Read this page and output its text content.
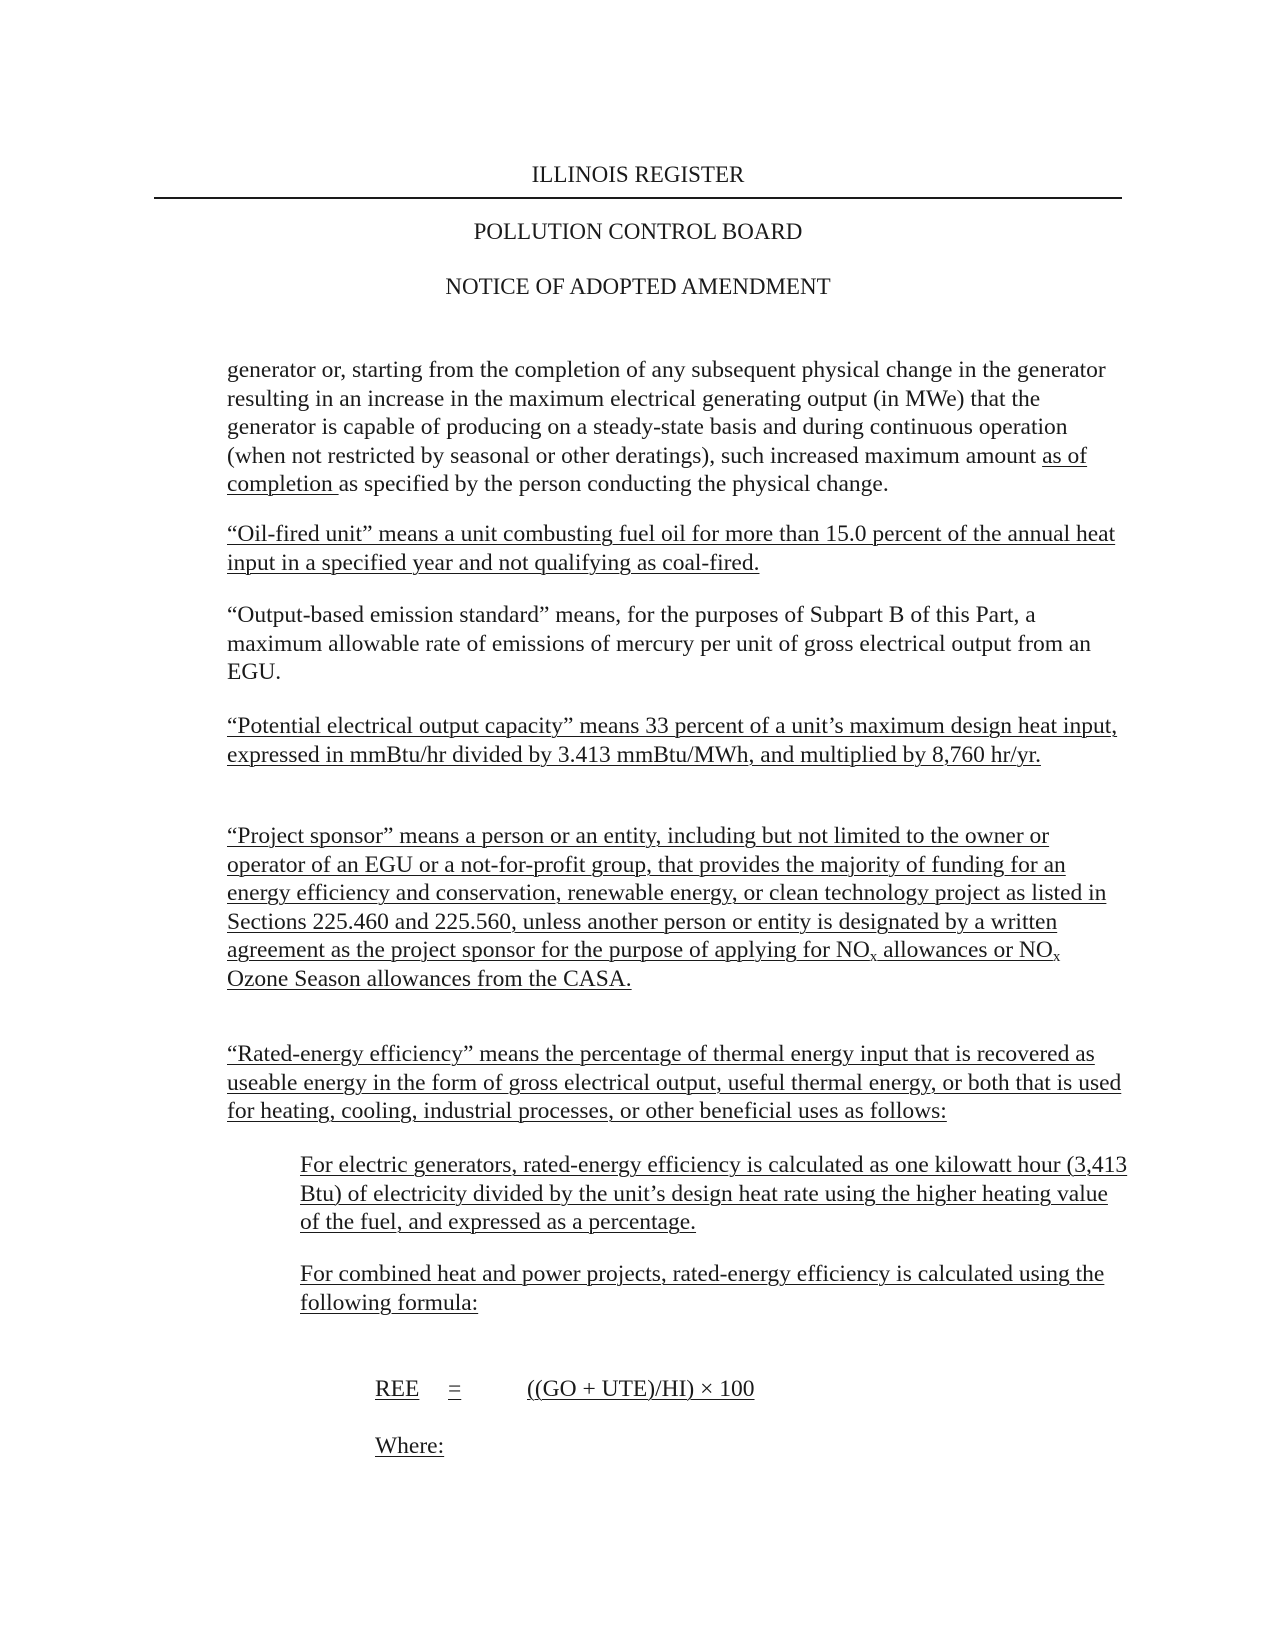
ILLINOIS REGISTER
POLLUTION CONTROL BOARD
NOTICE OF ADOPTED AMENDMENT

generator or, starting from the completion of any subsequent physical change in the generator resulting in an increase in the maximum electrical generating output (in MWe) that the generator is capable of producing on a steady-state basis and during continuous operation (when not restricted by seasonal or other deratings), such increased maximum amount as of completion as specified by the person conducting the physical change.

“Oil-fired unit” means a unit combusting fuel oil for more than 15.0 percent of the annual heat input in a specified year and not qualifying as coal-fired.

“Output-based emission standard” means, for the purposes of Subpart B of this Part, a maximum allowable rate of emissions of mercury per unit of gross electrical output from an EGU.

“Potential electrical output capacity” means 33 percent of a unit’s maximum design heat input, expressed in mmBtu/hr divided by 3.413 mmBtu/MWh, and multiplied by 8,760 hr/yr.

“Project sponsor” means a person or an entity, including but not limited to the owner or operator of an EGU or a not-for-profit group, that provides the majority of funding for an energy efficiency and conservation, renewable energy, or clean technology project as listed in Sections 225.460 and 225.560, unless another person or entity is designated by a written agreement as the project sponsor for the purpose of applying for $NO_x$ allowances or $NO_x$ Ozone Season allowances from the CASA.

“Rated-energy efficiency” means the percentage of thermal energy input that is recovered as useable energy in the form of gross electrical output, useful thermal energy, or both that is used for heating, cooling, industrial processes, or other beneficial uses as follows:

For electric generators, rated-energy efficiency is calculated as one kilowatt hour (3,413 Btu) of electricity divided by the unit’s design heat rate using the higher heating value of the fuel, and expressed as a percentage.

For combined heat and power projects, rated-energy efficiency is calculated using the following formula:

REE =	((GO + UTE)/HI) × 100
Where:
